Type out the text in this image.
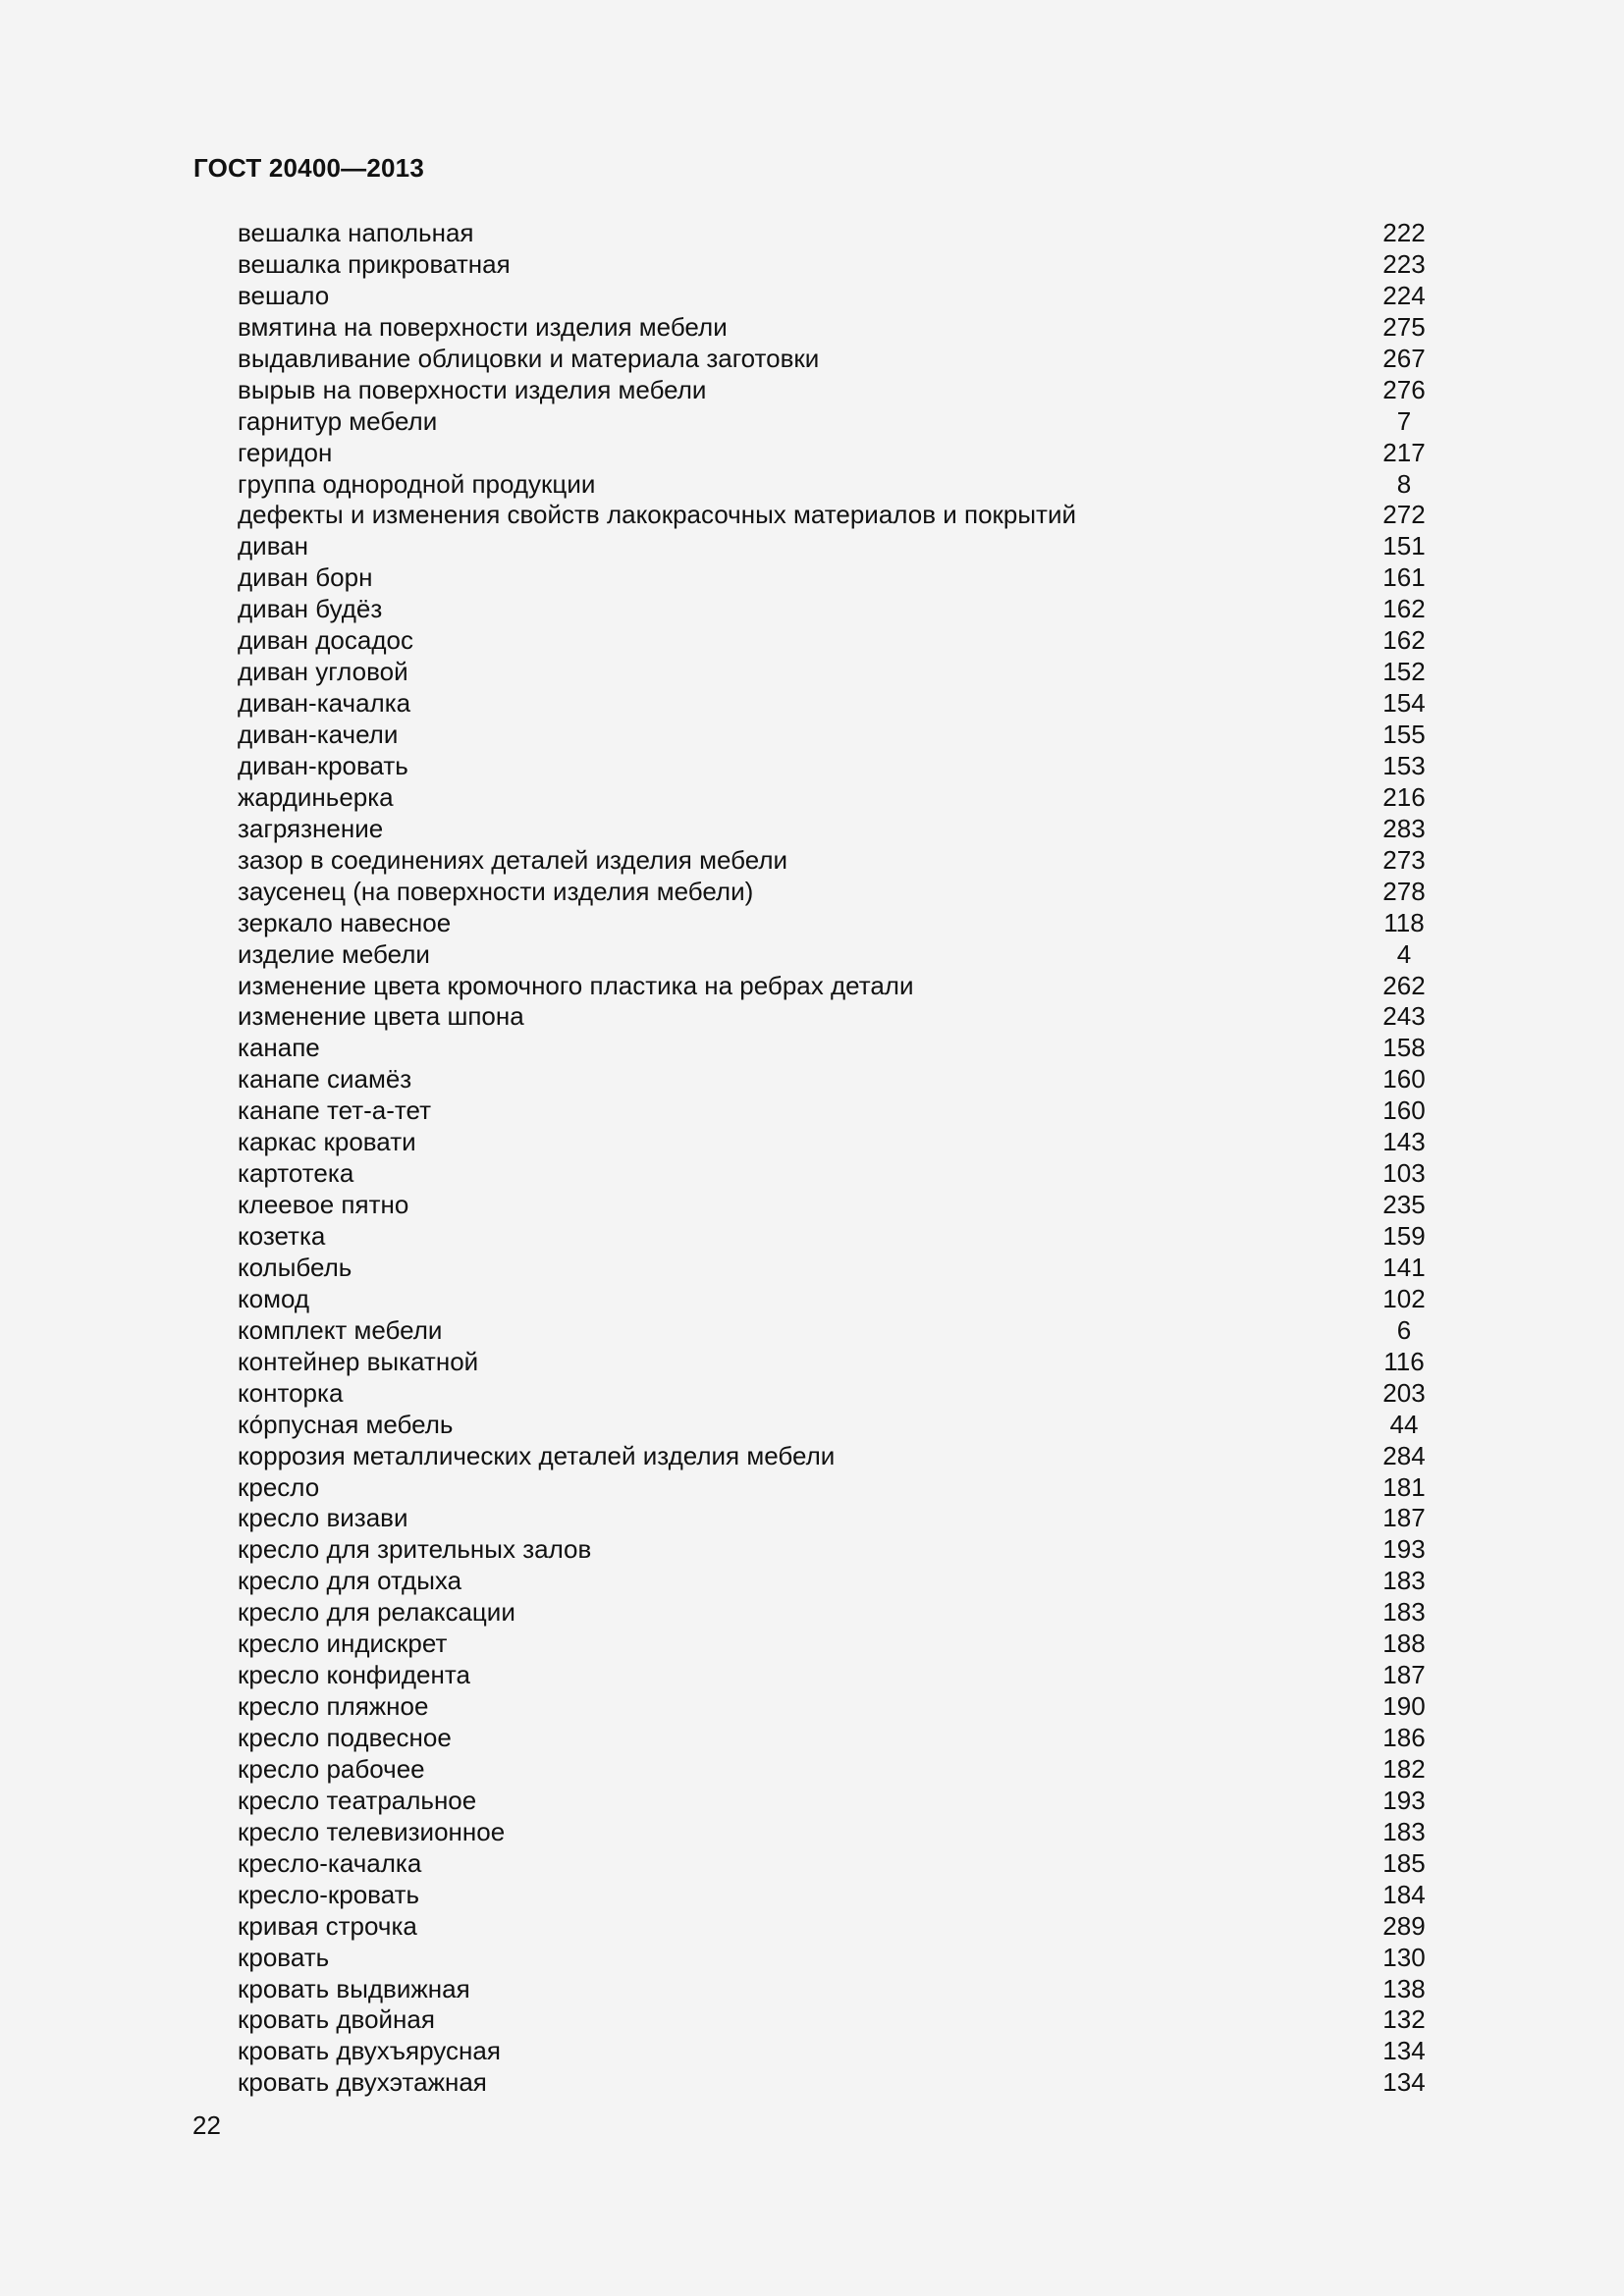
ГОСТ 20400—2013
вешалка напольная	222
вешалка прикроватная	223
вешало	224
вмятина на поверхности изделия мебели	275
выдавливание облицовки и материала заготовки	267
вырыв на поверхности изделия мебели	276
гарнитур мебели	7
геридон	217
группа однородной продукции	8
дефекты и изменения свойств лакокрасочных материалов и покрытий	272
диван	151
диван борн	161
диван будёз	162
диван досадос	162
диван угловой	152
диван-качалка	154
диван-качели	155
диван-кровать	153
жардиньерка	216
загрязнение	283
зазор в соединениях деталей изделия мебели	273
заусенец (на поверхности изделия мебели)	278
зеркало навесное	118
изделие мебели	4
изменение цвета кромочного пластика на ребрах детали	262
изменение цвета шпона	243
канапе	158
канапе сиамёз	160
канапе тет-а-тет	160
каркас кровати	143
картотека	103
клеевое пятно	235
козетка	159
колыбель	141
комод	102
комплект мебели	6
контейнер выкатной	116
конторка	203
ко́рпусная мебель	44
коррозия металлических деталей изделия мебели	284
кресло	181
кресло визави	187
кресло для зрительных залов	193
кресло для отдыха	183
кресло для релаксации	183
кресло индискрет	188
кресло конфидента	187
кресло пляжное	190
кресло подвесное	186
кресло рабочее	182
кресло театральное	193
кресло телевизионное	183
кресло-качалка	185
кресло-кровать	184
кривая строчка	289
кровать	130
кровать выдвижная	138
кровать двойная	132
кровать двухъярусная	134
кровать двухэтажная	134
22
